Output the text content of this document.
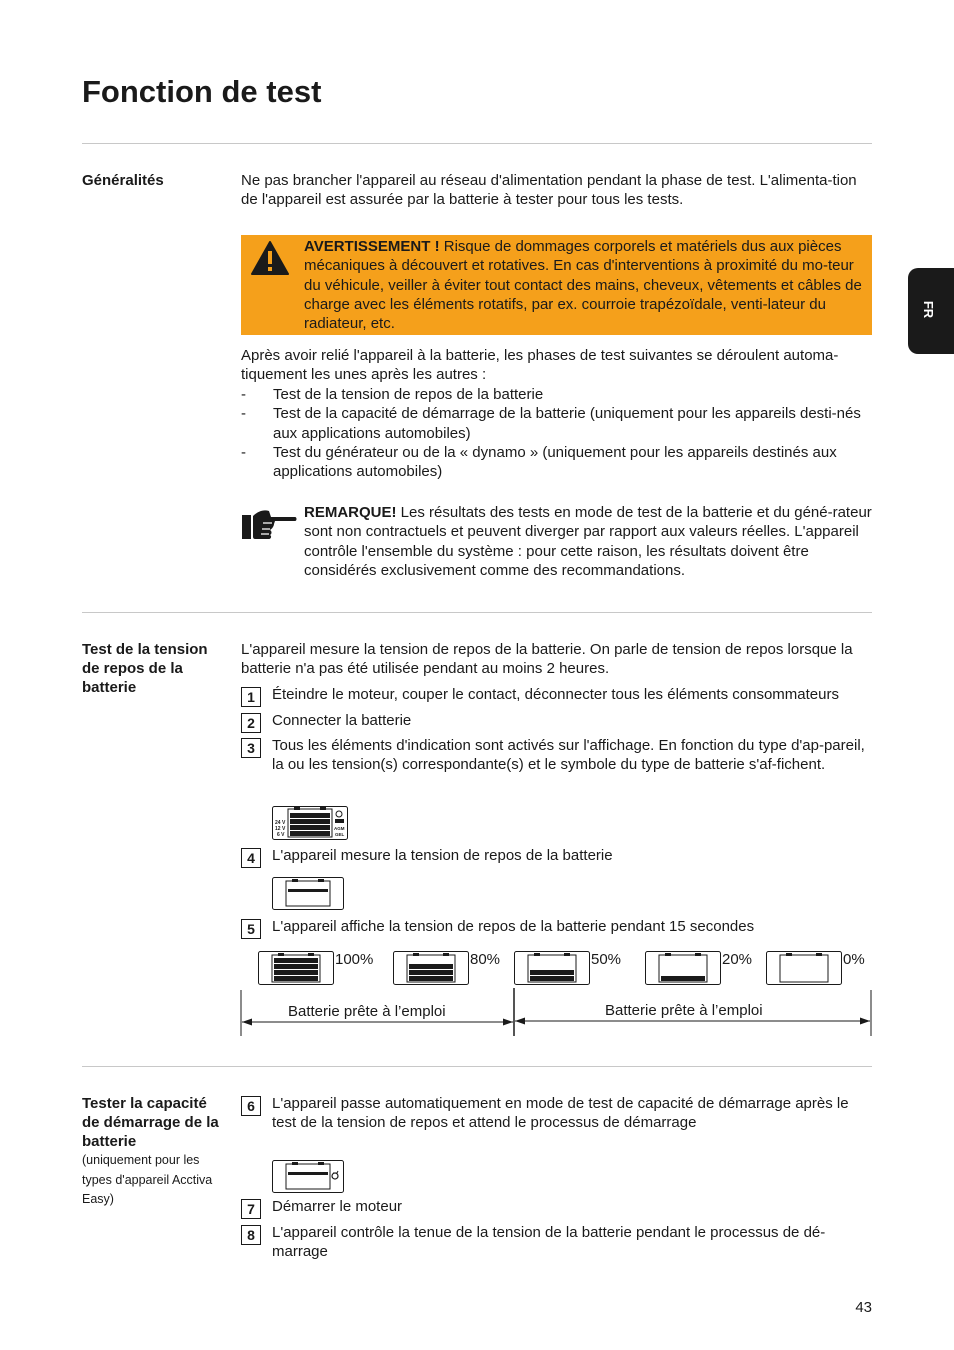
Fonction de test
FR
Généralités	Ne pas brancher l'appareil au réseau d'alimentation pendant la phase de test. L'alimenta-tion de l'appareil est assurée par la batterie à tester pour tous les tests.
AVERTISSEMENT ! Risque de dommages corporels et matériels dus aux pièces mécaniques à découvert et rotatives. En cas d'interventions à proximité du mo-teur du véhicule, veiller à éviter tout contact des mains, cheveux, vêtements et câbles de charge avec les éléments rotatifs, par ex. courroie trapézoïdale, venti-lateur du radiateur, etc.
Après avoir relié l'appareil à la batterie, les phases de test suivantes se déroulent automa-tiquement les unes après les autres :
- Test de la tension de repos de la batterie
- Test de la capacité de démarrage de la batterie (uniquement pour les appareils desti-nés aux applications automobiles)
- Test du générateur ou de la « dynamo » (uniquement pour les appareils destinés aux applications automobiles)
REMARQUE! Les résultats des tests en mode de test de la batterie et du géné-rateur sont non contractuels et peuvent diverger par rapport aux valeurs réelles. L'appareil contrôle l'ensemble du système : pour cette raison, les résultats doivent être considérés exclusivement comme des recommandations.
Test de la tension de repos de la batterie
L'appareil mesure la tension de repos de la batterie. On parle de tension de repos lorsque la batterie n'a pas été utilisée pendant au moins 2 heures.
1	Éteindre le moteur, couper le contact, déconnecter tous les éléments consommateurs
2	Connecter la batterie
3	Tous les éléments d'indication sont activés sur l'affichage. En fonction du type d'ap-pareil, la ou les tension(s) correspondante(s) et le symbole du type de batterie s'af-fichent.
24 V
12 V
6 V
AGM
GEL
4	L'appareil mesure la tension de repos de la batterie
5	L'appareil affiche la tension de repos de la batterie pendant 15 secondes
100%	80%	50%	20%	0%
Batterie prête à l’emploi	Batterie prête à l’emploi
Tester la capacité de démarrage de la batterie
(uniquement pour les types d'appareil Acctiva Easy)
6	L'appareil passe automatiquement en mode de test de capacité de démarrage après le test de la tension de repos et attend le processus de démarrage
7	Démarrer le moteur
8	L'appareil contrôle la tenue de la tension de la batterie pendant le processus de dé-marrage
43
